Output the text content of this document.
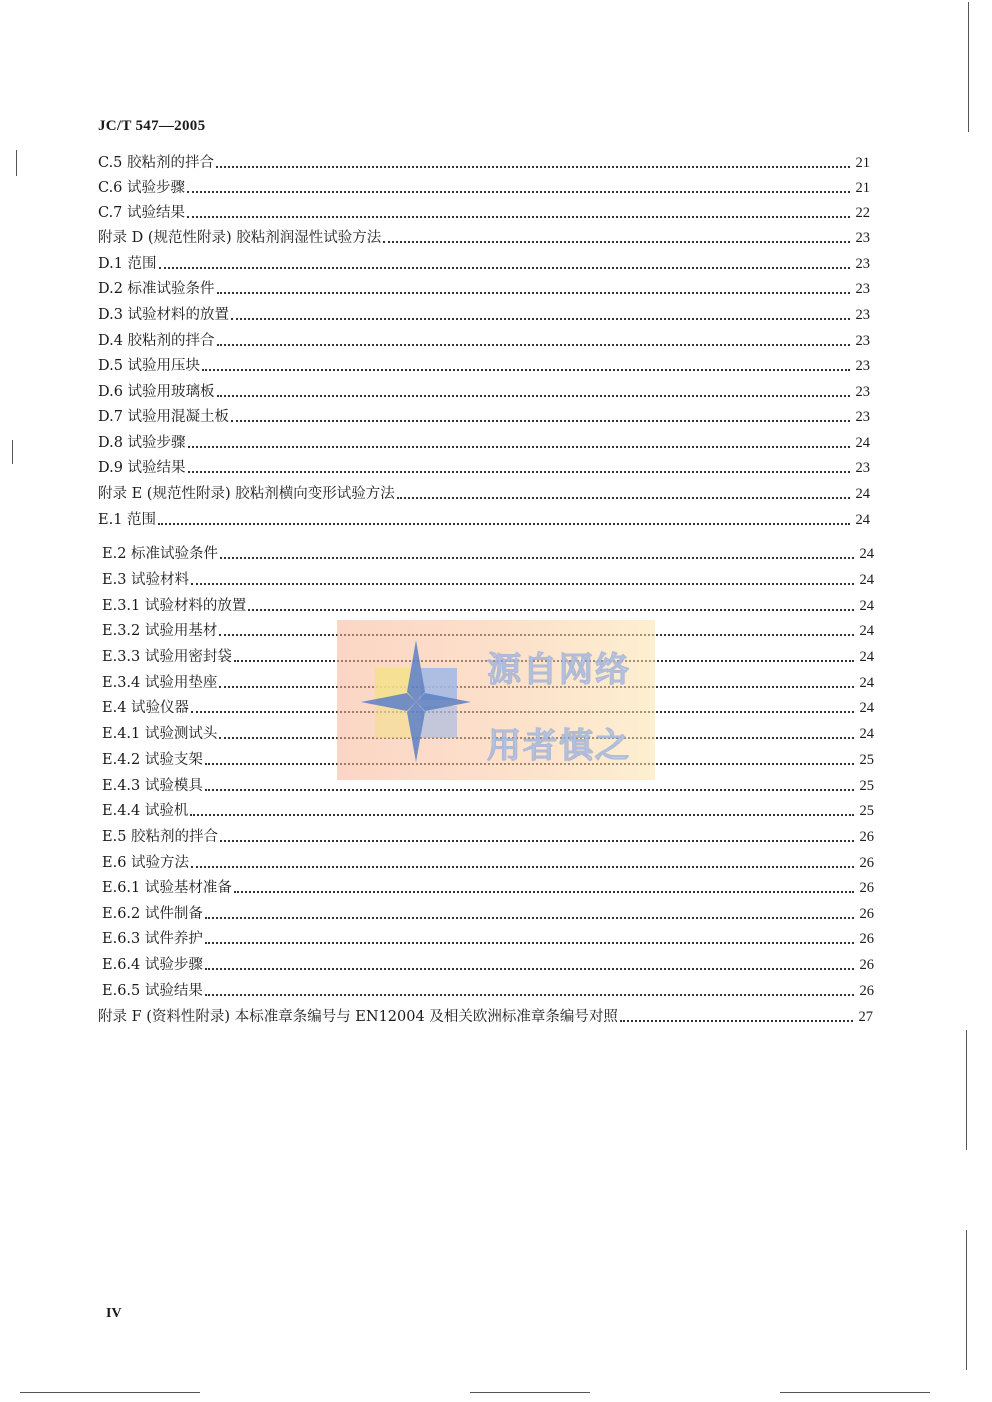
JC/T 547—2005
C.5 胶粘剂的拌合	21
C.6 试验步骤	21
C.7 试验结果	22
附录 D (规范性附录) 胶粘剂润湿性试验方法	23
D.1 范围	23
D.2 标准试验条件	23
D.3 试验材料的放置	23
D.4 胶粘剂的拌合	23
D.5 试验用压块	23
D.6 试验用玻璃板	23
D.7 试验用混凝土板	23
D.8 试验步骤	24
D.9 试验结果	23
附录 E (规范性附录) 胶粘剂横向变形试验方法	24
E.1 范围	24
E.2 标准试验条件	24
E.3 试验材料	24
E.3.1 试验材料的放置	24
E.3.2 试验用基材	24
E.3.3 试验用密封袋	24
E.3.4 试验用垫座	24
E.4 试验仪器	24
E.4.1 试验测试头	24
E.4.2 试验支架	25
E.4.3 试验模具	25
E.4.4 试验机	25
E.5 胶粘剂的拌合	26
E.6 试验方法	26
E.6.1 试验基材准备	26
E.6.2 试件制备	26
E.6.3 试件养护	26
E.6.4 试验步骤	26
E.6.5 试验结果	26
附录 F (资料性附录) 本标准章条编号与 EN12004 及相关欧洲标准章条编号对照	27
源自网络
用者慎之
IV
